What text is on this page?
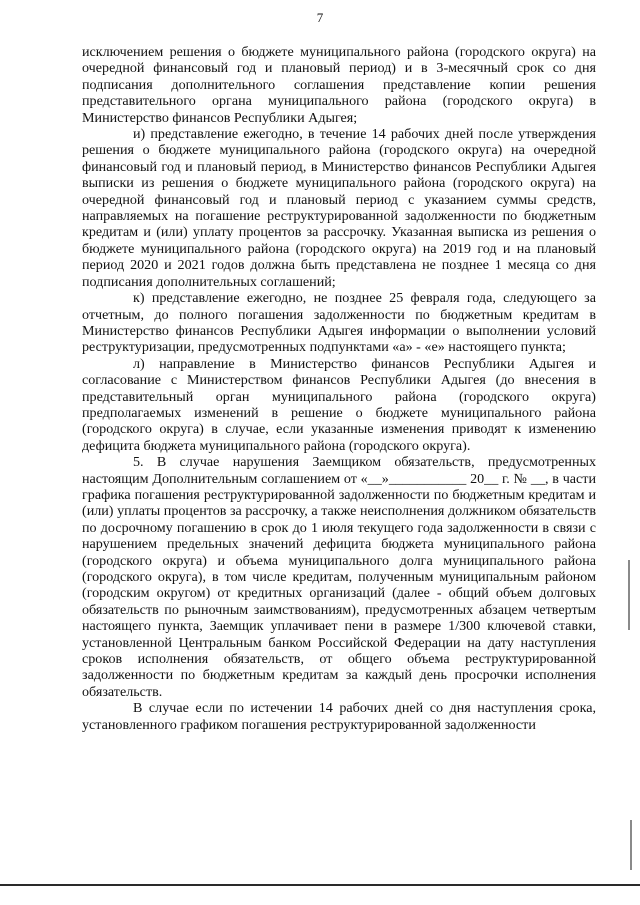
7

исключением решения о бюджете муниципального района (городского округа) на очередной финансовый год и плановый период) и в 3-месячный срок со дня подписания дополнительного соглашения представление копии решения представительного органа муниципального района (городского округа) в Министерство финансов Республики Адыгея;

и) представление ежегодно, в течение 14 рабочих дней после утверждения решения о бюджете муниципального района (городского округа) на очередной финансовый год и плановый период, в Министерство финансов Республики Адыгея выписки из решения о бюджете муниципального района (городского округа) на очередной финансовый год и плановый период с указанием суммы средств, направляемых на погашение реструктурированной задолженности по бюджетным кредитам и (или) уплату процентов за рассрочку. Указанная выписка из решения о бюджете муниципального района (городского округа) на 2019 год и на плановый период 2020 и 2021 годов должна быть представлена не позднее 1 месяца со дня подписания дополнительных соглашений;

к) представление ежегодно, не позднее 25 февраля года, следующего за отчетным, до полного погашения задолженности по бюджетным кредитам в Министерство финансов Республики Адыгея информации о выполнении условий реструктуризации, предусмотренных подпунктами «а» - «е» настоящего пункта;

л) направление в Министерство финансов Республики Адыгея и согласование с Министерством финансов Республики Адыгея (до внесения в представительный орган муниципального района (городского округа) предполагаемых изменений в решение о бюджете муниципального района (городского округа) в случае, если указанные изменения приводят к изменению дефицита бюджета муниципального района (городского округа).

5. В случае нарушения Заемщиком обязательств, предусмотренных настоящим Дополнительным соглашением от «__»___________ 20__ г. № __, в части графика погашения реструктурированной задолженности по бюджетным кредитам и (или) уплаты процентов за рассрочку, а также неисполнения должником обязательств по досрочному погашению в срок до 1 июля текущего года задолженности в связи с нарушением предельных значений дефицита бюджета муниципального района (городского округа) и объема муниципального долга муниципального района (городского округа), в том числе кредитам, полученным муниципальным районом (городским округом) от кредитных организаций (далее - общий объем долговых обязательств по рыночным заимствованиям), предусмотренных абзацем четвертым настоящего пункта, Заемщик уплачивает пени в размере 1/300 ключевой ставки, установленной Центральным банком Российской Федерации на дату наступления сроков исполнения обязательств, от общего объема реструктурированной задолженности по бюджетным кредитам за каждый день просрочки исполнения обязательств.

В случае если по истечении 14 рабочих дней со дня наступления срока, установленного графиком погашения реструктурированной задолженности
